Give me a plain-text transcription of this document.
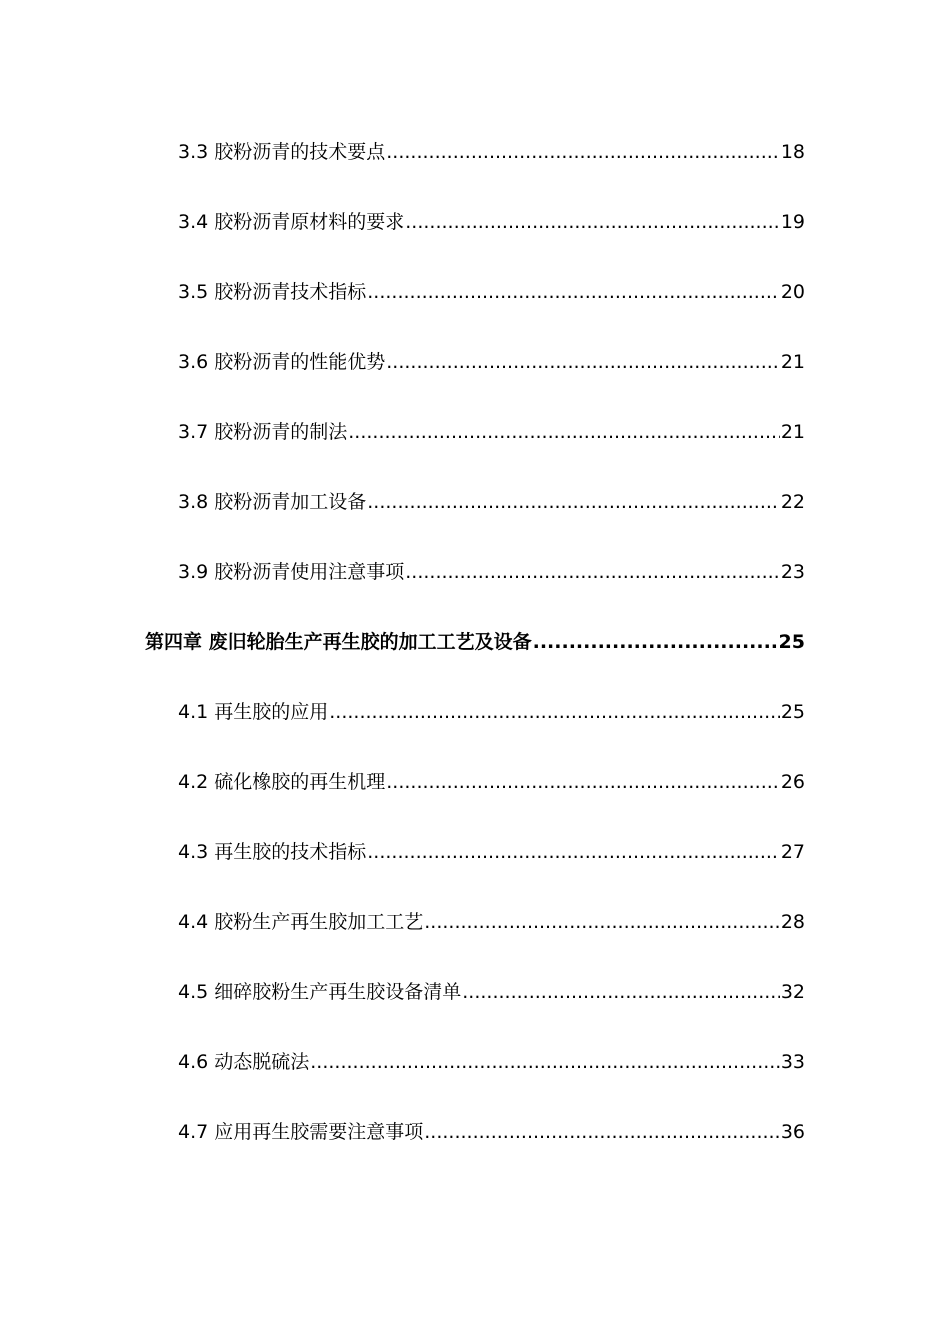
3.3 胶粉沥青的技术要点 .....	18
3.4 胶粉沥青原材料的要求 .....	19
3.5 胶粉沥青技术指标 .....	20
3.6 胶粉沥青的性能优势 .....	21
3.7 胶粉沥青的制法 .....	21
3.8 胶粉沥青加工设备 .....	22
3.9 胶粉沥青使用注意事项 .....	23
第四章 废旧轮胎生产再生胶的加工工艺及设备 .....	25
4.1 再生胶的应用 .....	25
4.2 硫化橡胶的再生机理 .....	26
4.3 再生胶的技术指标 .....	27
4.4 胶粉生产再生胶加工工艺 .....	28
4.5 细碎胶粉生产再生胶设备清单 .....	32
4.6 动态脱硫法 .....	33
4.7 应用再生胶需要注意事项 .....	36
